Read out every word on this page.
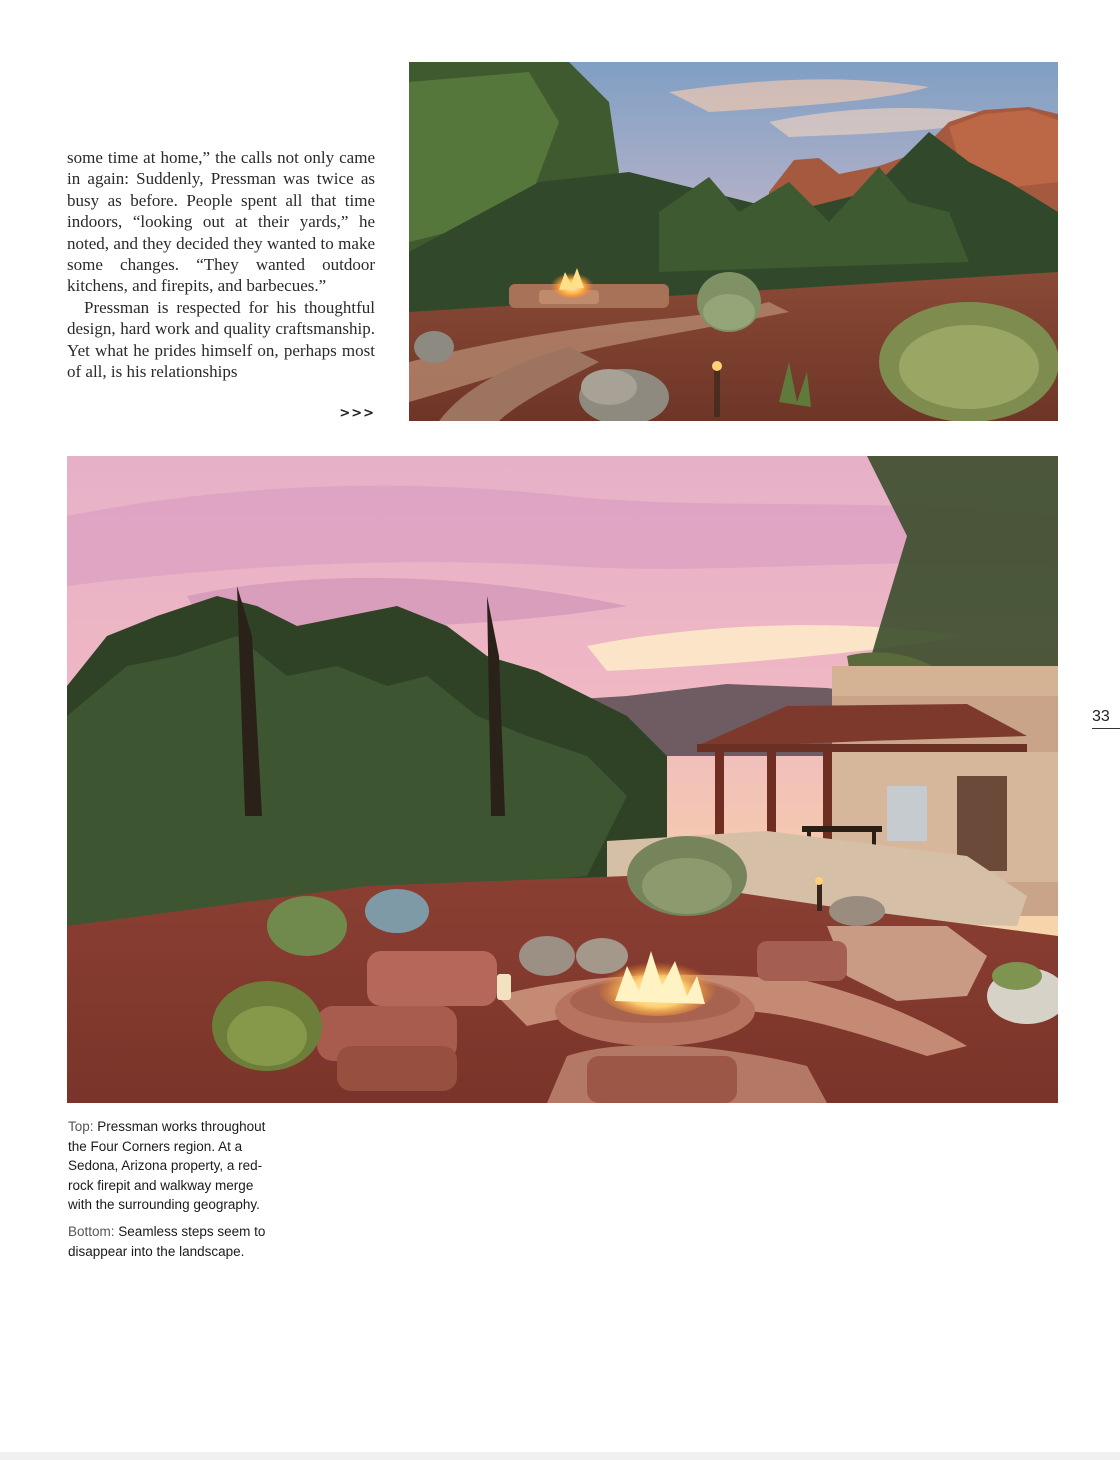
some time at home,” the calls not only came in again: Suddenly, Pressman was twice as busy as before. People spent all that time indoors, “looking out at their yards,” he noted, and they decided they wanted to make some changes. “They wanted outdoor kitchens, and firepits, and barbecues.”

Pressman is respected for his thoughtful design, hard work and quality craftsmanship. Yet what he prides himself on, perhaps most of all, is his relationships

>>>

Top: Pressman works throughout the Four Corners region. At a Sedona, Arizona property, a red-rock firepit and walkway merge with the surrounding geography.

Bottom: Seamless steps seem to disappear into the landscape.

33
